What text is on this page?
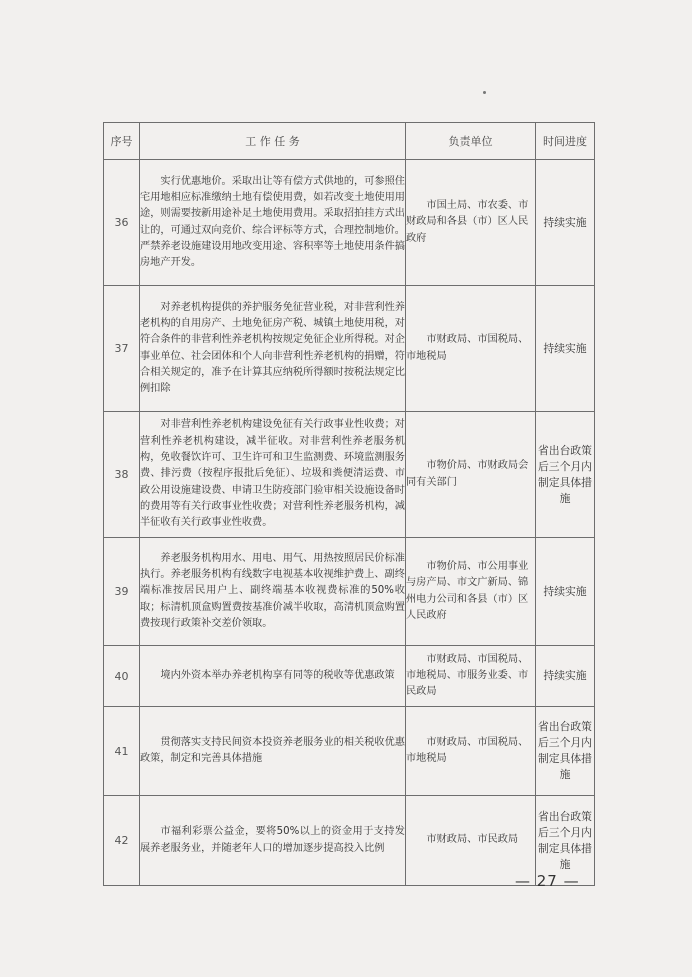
序号	工 作 任 务	负责单位	时间进度
36	实行优惠地价。采取出让等有偿方式供地的，可参照住宅用地相应标准缴纳土地有偿使用费，如若改变土地使用用途，则需要按新用途补足土地使用费用。采取招拍挂方式出让的，可通过双向竞价、综合评标等方式，合理控制地价。严禁养老设施建设用地改变用途、容积率等土地使用条件搞房地产开发。	市国土局、市农委、市财政局和各县（市）区人民政府	持续实施
37	对养老机构提供的养护服务免征营业税，对非营利性养老机构的自用房产、土地免征房产税、城镇土地使用税，对符合条件的非营利性养老机构按规定免征企业所得税。对企事业单位、社会团体和个人向非营利性养老机构的捐赠，符合相关规定的，准予在计算其应纳税所得额时按税法规定比例扣除	市财政局、市国税局、市地税局	持续实施
38	对非营利性养老机构建设免征有关行政事业性收费；对营利性养老机构建设，减半征收。对非营利性养老服务机构，免收餐饮许可、卫生许可和卫生监测费、环境监测服务费、排污费（按程序报批后免征）、垃圾和粪便清运费、市政公用设施建设费、申请卫生防疫部门验审相关设施设备时的费用等有关行政事业性收费；对营利性养老服务机构，减半征收有关行政事业性收费。	市物价局、市财政局会同有关部门	省出台政策后三个月内制定具体措施
39	养老服务机构用水、用电、用气、用热按照居民价标准执行。养老服务机构有线数字电视基本收视维护费上、副终端标准按居民用户上、副终端基本收视费标准的50%收取；标清机顶盒购置费按基准价减半收取，高清机顶盒购置费按现行政策补交差价领取。	市物价局、市公用事业与房产局、市文广新局、锦州电力公司和各县（市）区人民政府	持续实施
40	境内外资本举办养老机构享有同等的税收等优惠政策	市财政局、市国税局、市地税局、市服务业委、市民政局	持续实施
41	贯彻落实支持民间资本投资养老服务业的相关税收优惠政策，制定和完善具体措施	市财政局、市国税局、市地税局	省出台政策后三个月内制定具体措施
42	市福利彩票公益金，要将50%以上的资金用于支持发展养老服务业，并随老年人口的增加逐步提高投入比例	市财政局、市民政局	省出台政策后三个月内制定具体措施
— 27 —
